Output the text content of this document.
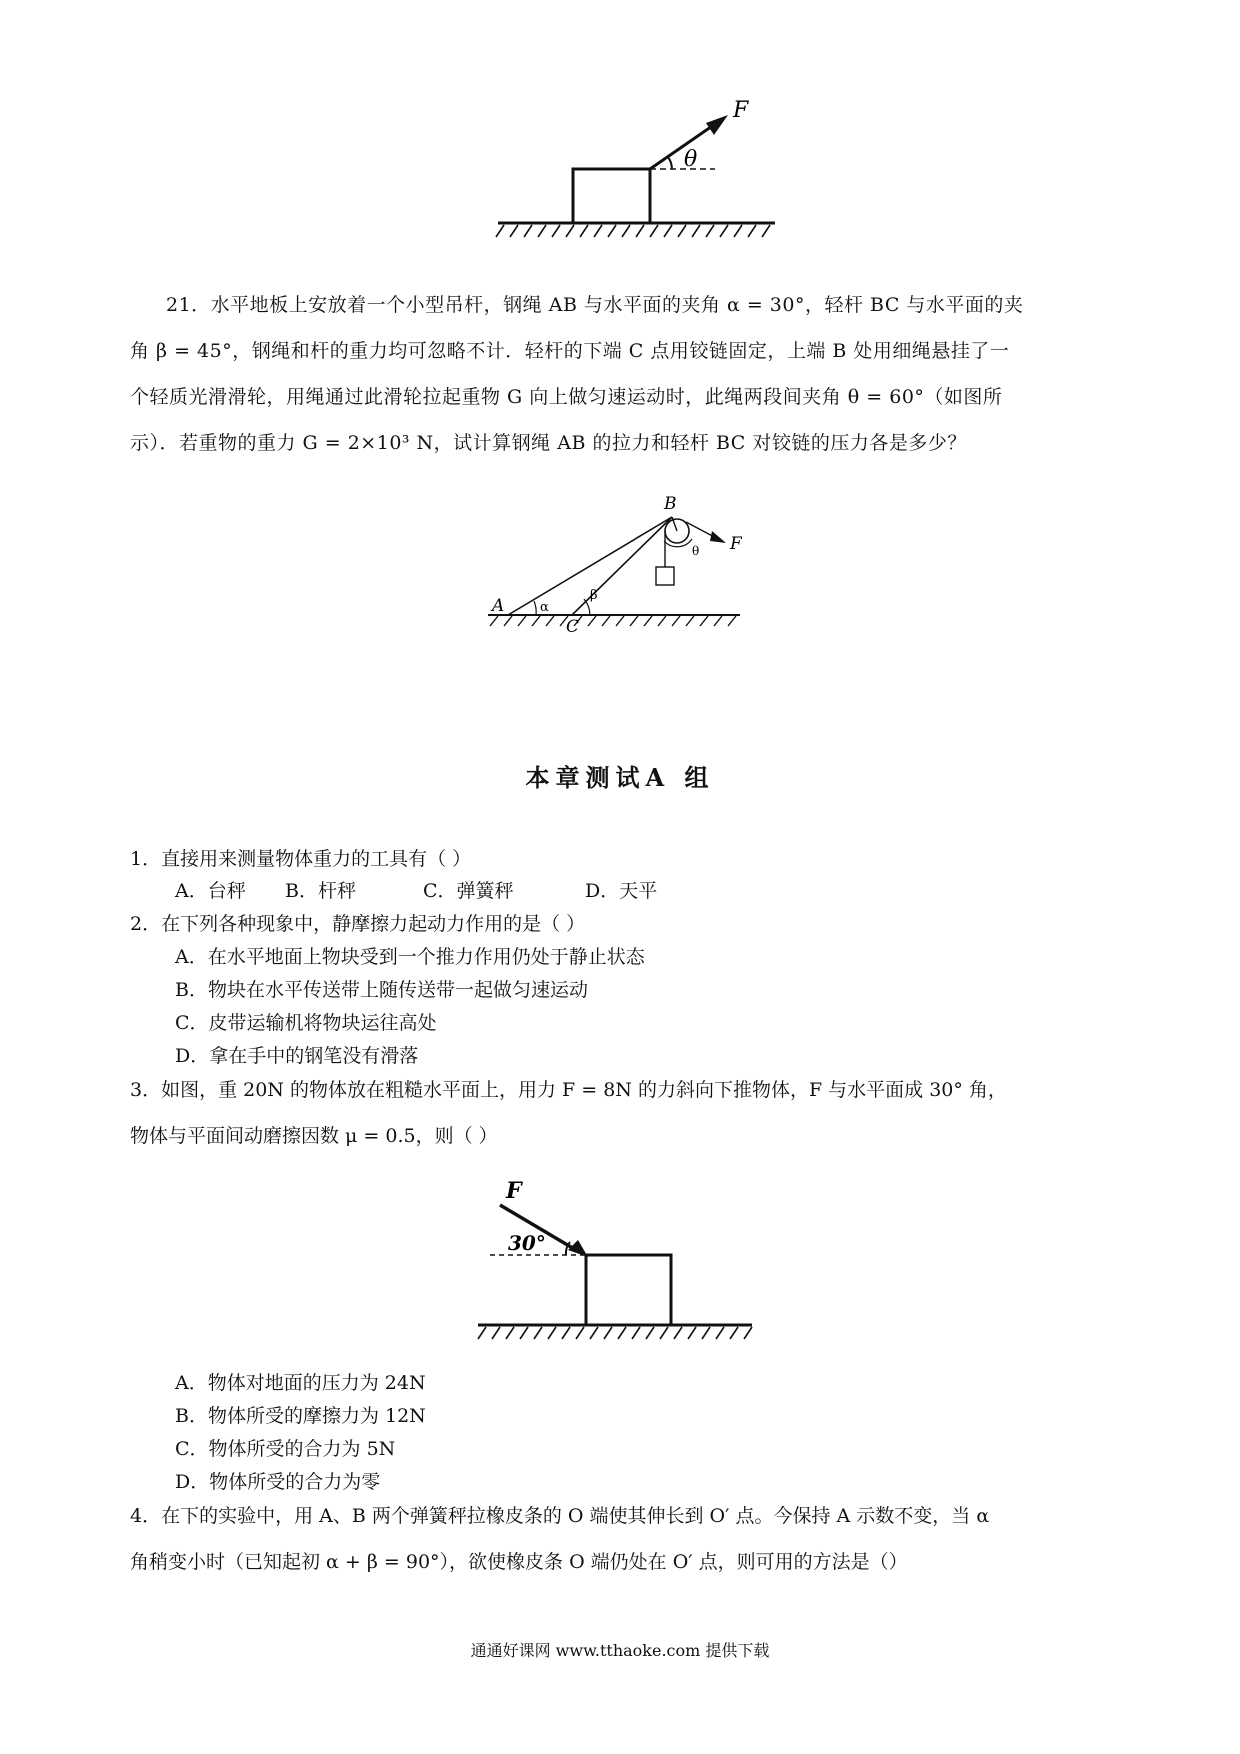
F
θ
21．水平地板上安放着一个小型吊杆，钢绳 AB 与水平面的夹角 α = 30°，轻杆 BC 与水平面的夹
角 β = 45°，钢绳和杆的重力均可忽略不计．轻杆的下端 C 点用铰链固定，上端 B 处用细绳悬挂了一
个轻质光滑滑轮，用绳通过此滑轮拉起重物 G 向上做匀速运动时，此绳两段间夹角 θ = 60°（如图所
示）．若重物的重力 G = 2×10³ N，试计算钢绳 AB 的拉力和轻杆 BC 对铰链的压力各是多少？
A
B
C
F
α
β
θ
本章测试A 组
1．直接用来测量物体重力的工具有（ ）
A．台秤 B．杆秤	C．弹簧秤	D．天平
2．在下列各种现象中，静摩擦力起动力作用的是（ ）
A．在水平地面上物块受到一个推力作用仍处于静止状态
B．物块在水平传送带上随传送带一起做匀速运动
C．皮带运输机将物块运往高处
D．拿在手中的钢笔没有滑落
3．如图，重 20N 的物体放在粗糙水平面上，用力 F = 8N 的力斜向下推物体，F 与水平面成 30° 角，
物体与平面间动磨擦因数 μ = 0.5，则（ ）
F
30°
A．物体对地面的压力为 24N
B．物体所受的摩擦力为 12N
C．物体所受的合力为 5N
D．物体所受的合力为零
4．在下的实验中，用 A、B 两个弹簧秤拉橡皮条的 O 端使其伸长到 O′ 点。今保持 A 示数不变，当 α
角稍变小时（已知起初 α + β = 90°），欲使橡皮条 O 端仍处在 O′ 点，则可用的方法是（）
通通好课网 www.tthaoke.com 提供下载
